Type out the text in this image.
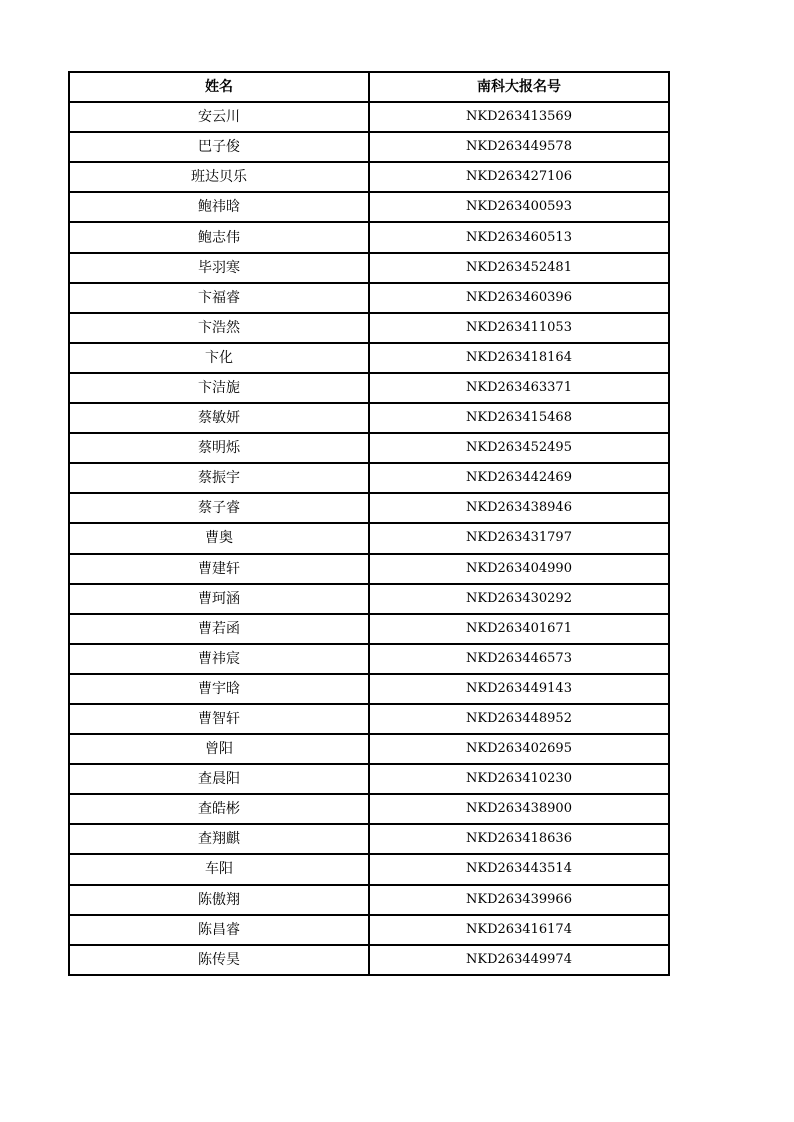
姓名	南科大报名号
安云川	NKD263413569
巴子俊	NKD263449578
班达贝乐	NKD263427106
鲍祎晗	NKD263400593
鲍志伟	NKD263460513
毕羽寒	NKD263452481
卞福睿	NKD263460396
卞浩然	NKD263411053
卞化	NKD263418164
卞洁旎	NKD263463371
蔡敏妍	NKD263415468
蔡明烁	NKD263452495
蔡振宇	NKD263442469
蔡子睿	NKD263438946
曹奥	NKD263431797
曹建轩	NKD263404990
曹珂涵	NKD263430292
曹若函	NKD263401671
曹祎宸	NKD263446573
曹宇晗	NKD263449143
曹智轩	NKD263448952
曾阳	NKD263402695
查晨阳	NKD263410230
查皓彬	NKD263438900
查翔麒	NKD263418636
车阳	NKD263443514
陈傲翔	NKD263439966
陈昌睿	NKD263416174
陈传昊	NKD263449974
